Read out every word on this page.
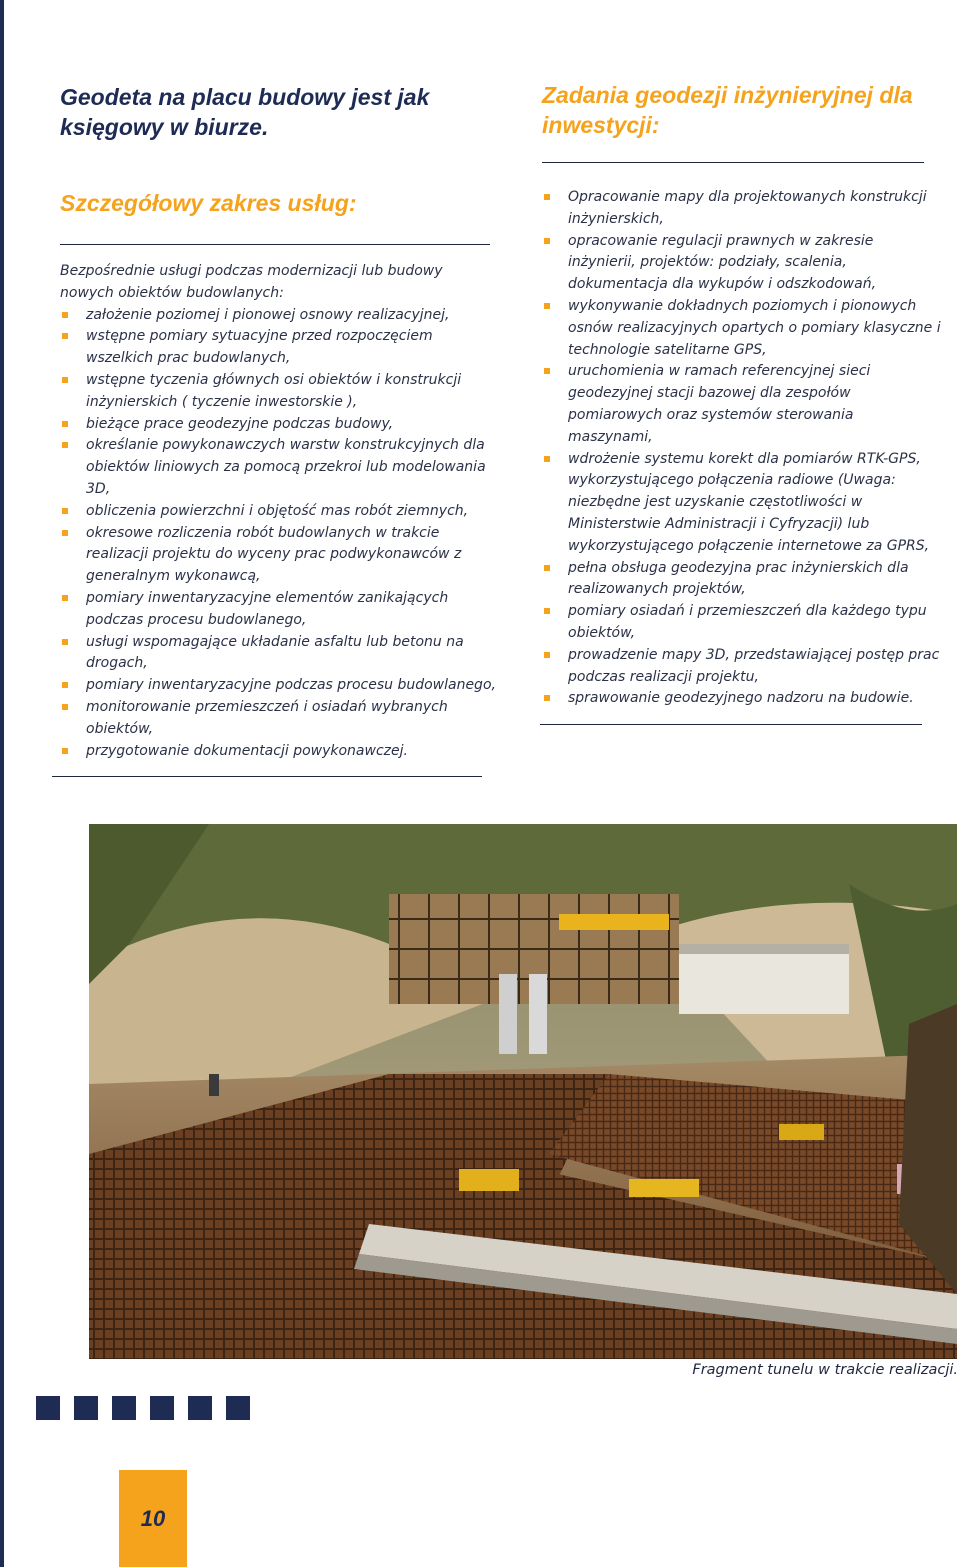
Geodeta na placu budowy jest jak księgowy w biurze.
Szczegółowy zakres usług:

Bezpośrednie usługi podczas modernizacji lub budowy nowych obiektów budowlanych:

założenie poziomej i pionowej osnowy realizacyjnej,
wstępne pomiary sytuacyjne przed rozpoczęciem wszelkich prac budowlanych,
wstępne tyczenia głównych osi obiektów i konstrukcji inżynierskich ( tyczenie inwestorskie ),
bieżące prace geodezyjne podczas budowy,
określanie powykonawczych warstw konstrukcyjnych dla obiektów liniowych za pomocą przekroi lub modelowania 3D,
obliczenia powierzchni i objętość mas robót ziemnych,
okresowe rozliczenia robót budowlanych w trakcie realizacji projektu do wyceny prac podwykonawców z generalnym wykonawcą,
pomiary inwentaryzacyjne elementów zanikających podczas procesu budowlanego,
usługi wspomagające układanie asfaltu lub betonu na drogach,
pomiary inwentaryzacyjne podczas procesu budowlanego,
monitorowanie przemieszczeń i osiadań wybranych obiektów,
przygotowanie dokumentacji powykonawczej.
Zadania geodezji inżynieryjnej dla inwestycji:
Opracowanie mapy dla projektowanych konstrukcji inżynierskich,
opracowanie regulacji prawnych w zakresie inżynierii, projektów: podziały, scalenia, dokumentacja dla wykupów i odszkodowań,
wykonywanie dokładnych poziomych i pionowych osnów realizacyjnych opartych o pomiary klasyczne i technologie satelitarne GPS,
uruchomienia w ramach referencyjnej sieci geodezyjnej stacji bazowej dla zespołów pomiarowych oraz systemów sterowania maszynami,
wdrożenie systemu korekt dla pomiarów RTK-GPS, wykorzystującego połączenia radiowe (Uwaga: niezbędne jest uzyskanie częstotliwości w Ministerstwie Administracji i Cyfryzacji) lub wykorzystującego połączenie internetowe za GPRS,
pełna obsługa geodezyjna prac inżynierskich dla realizowanych projektów,
pomiary osiadań i przemieszczeń dla każdego typu obiektów,
prowadzenie mapy 3D, przedstawiającej postęp prac podczas realizacji projektu,
sprawowanie geodezyjnego nadzoru na budowie.
Fragment tunelu w trakcie realizacji.
10
